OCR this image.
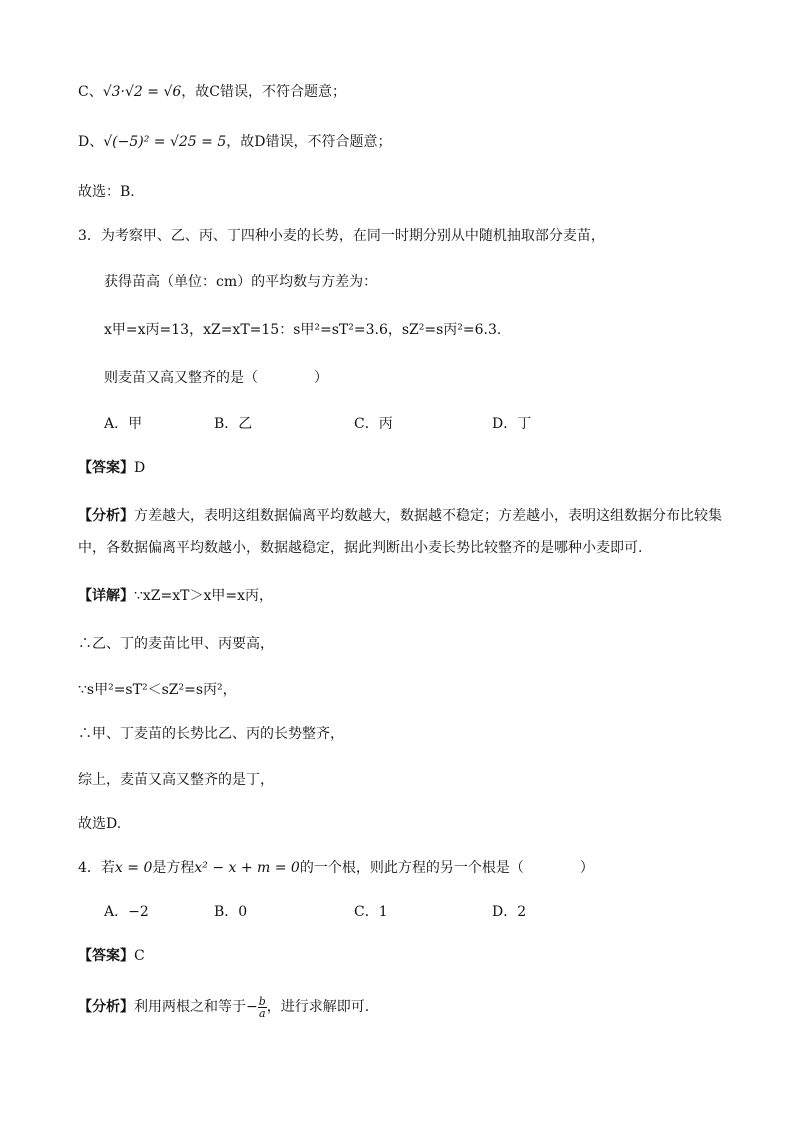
C、√3·√2 = √6，故C错误，不符合题意；
D、√(−5)² = √25 = 5，故D错误，不符合题意；
故选：B.
3．为考察甲、乙、丙、丁四种小麦的长势，在同一时期分别从中随机抽取部分麦苗，
获得苗高（单位：cm）的平均数与方差为：
x甲=x丙=13，xZ=xT=15：s甲²=sT²=3.6，sZ²=s丙²=6.3.
则麦苗又高又整齐的是（　　　　）
A．甲	B．乙	C．丙	D．丁
【答案】D
【分析】方差越大，表明这组数据偏离平均数越大，数据越不稳定；方差越小，表明这组数据分布比较集
中，各数据偏离平均数越小，数据越稳定，据此判断出小麦长势比较整齐的是哪种小麦即可.
【详解】∵xZ=xT＞x甲=x丙，
∴乙、丁的麦苗比甲、丙要高，
∵s甲²=sT²＜sZ²=s丙²，
∴甲、丁麦苗的长势比乙、丙的长势整齐，
综上，麦苗又高又整齐的是丁，
故选D.
4．若x = 0是方程x² − x + m = 0的一个根，则此方程的另一个根是（　　　　）
A．−2	B．0	C．1	D．2
【答案】C
【分析】利用两根之和等于− $\frac{b}{a}$ ，进行求解即可.
